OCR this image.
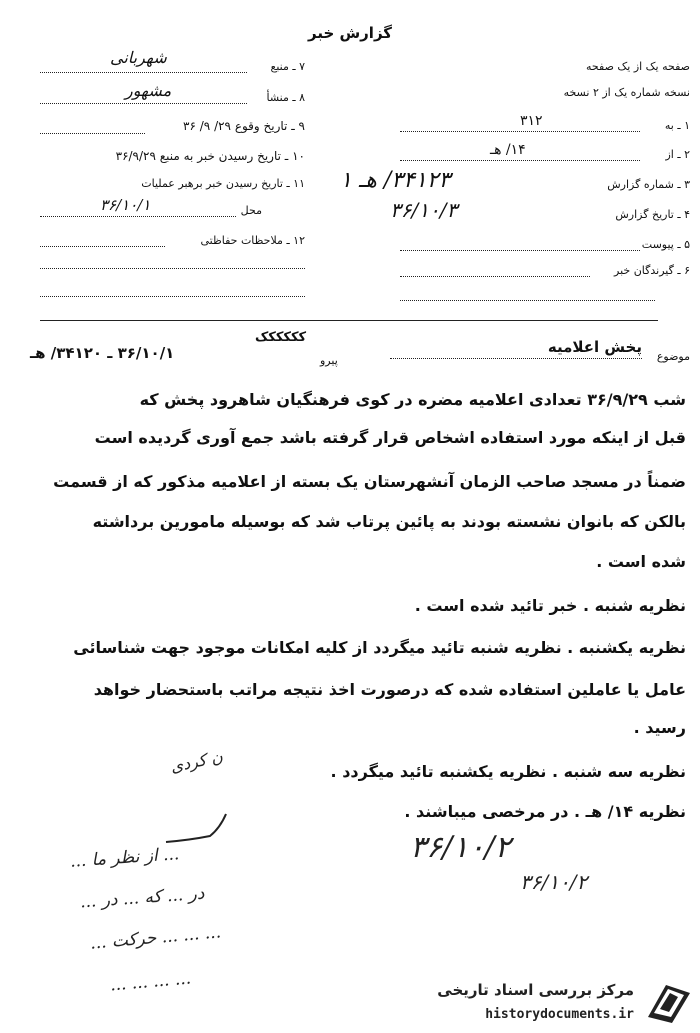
گزارش خبر
شهربانی	۷ ـ منبع
مشهور	۸ ـ منشأ
۹ ـ تاریخ وقوع ۲۹/ ۹/ ۳۶
۱۰ ـ تاریخ رسیدن خبر به منبع ۳۶/۹/۲۹
۱۱ ـ تاریخ رسیدن خبر برهبر عملیات
۳۶/۱۰/۱	محل
۱۲ ـ ملاحظات حفاظتی
صفحه یک از یک صفحه
نسخه شماره یک از ۲ نسخه
۳۱۲	۱ ـ به
۱۴/ هـ	۲ ـ از
۳۴۱۲۳/ هـ ۱	۳ ـ شماره گزارش
۳۶/۱۰/۳	۴ ـ تاریخ گزارش
۵ ـ پیوست
۶ ـ گیرندگان خبر
موضوع
پخش اعلامیه
کککککک
پیرو
۳۶/۱۰/۱ ـ ۳۴۱۲۰/ هـ
شب ۳۶/۹/۲۹ تعدادی اعلامیه مضره در کوی فرهنگیان شاهرود پخش که
قبل از اینکه مورد استفاده اشخاص قرار گرفته باشد جمع آوری گردیده است
ضمناً در مسجد صاحب الزمان آنشهرستان یک بسته از اعلامیه مذکور که از قسمت
بالکن که بانوان نشسته بودند به پائین پرتاب شد که بوسیله مامورین برداشته
شده است .
نظریه شنبه . خبر تائید شده است .
نظریه یکشنبه . نظریه شنبه تائید میگردد از کلیه امکانات موجود جهت شناسائی
عامل یا عاملین استفاده شده که درصورت اخذ نتیجه مراتب باستحضار خواهد
رسید .
نظریه سه شنبه . نظریه یکشنبه تائید میگردد .
نظریه ۱۴/ هـ . در مرخصی میباشند .
ن کردی
۳۶/۱۰/۲
۳۶/۱۰/۲
... از نظر ما ...
در ... که ... در ...
... ... ... حرکت ...
... ... ... ...	مرکز بررسی اسناد تاریخی
historydocuments.ir
